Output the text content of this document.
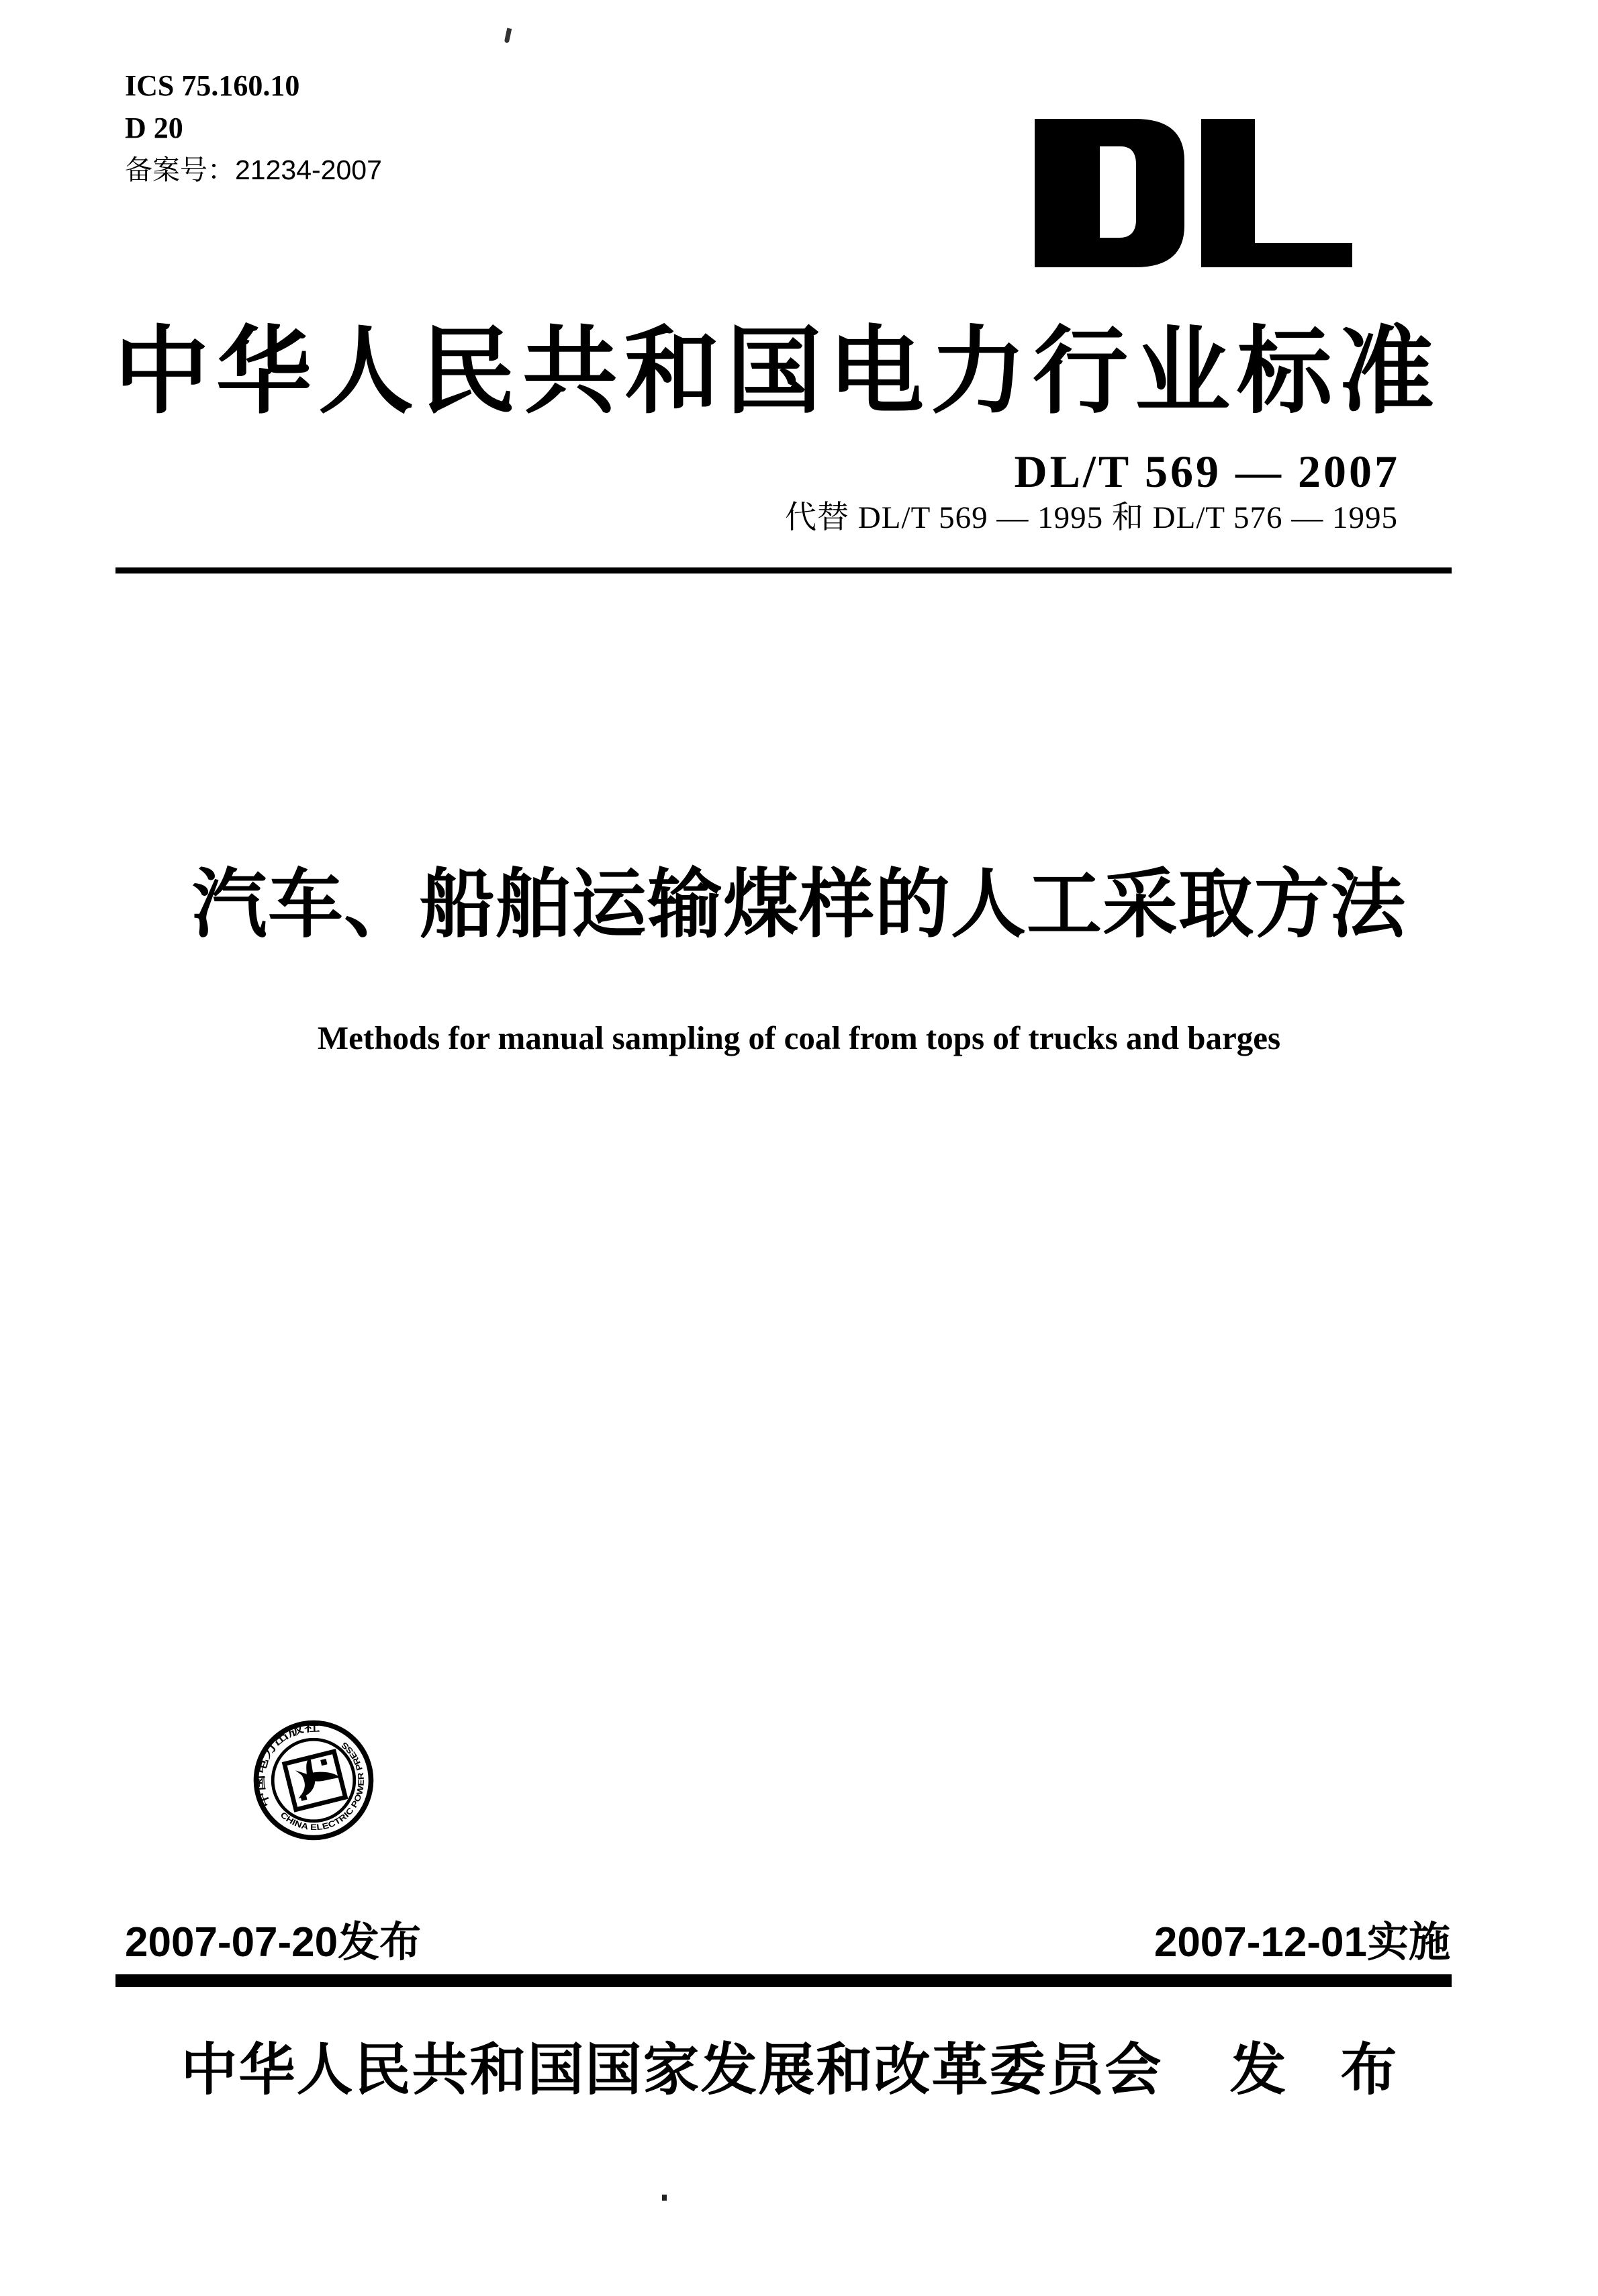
ICS 75.160.10
D 20
备案号：21234-2007
中华人民共和国电力行业标准
DL/T 569 — 2007
代替 DL/T 569 — 1995 和 DL/T 576 — 1995
汽车、船舶运输煤样的人工采取方法
Methods for manual sampling of coal from tops of trucks and barges
中国电力出版社
CHINA ELECTRIC POWER PRESS
2007-07-20发布	2007-12-01实施
中华人民共和国国家发展和改革委员会 发 布
